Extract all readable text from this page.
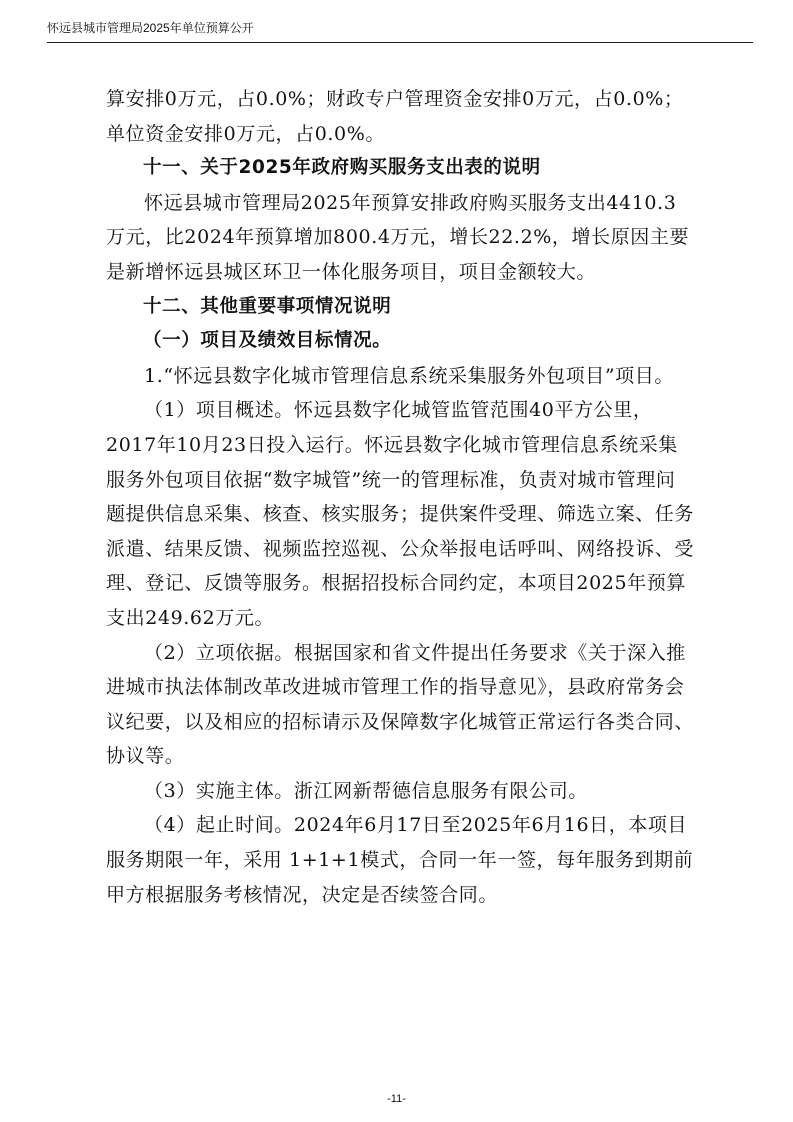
怀远县城市管理局2025年单位预算公开

算安排0万元，占0.0%；财政专户管理资金安排0万元，占0.0%；单位资金安排0万元，占0.0%。

十一、关于2025年政府购买服务支出表的说明

怀远县城市管理局2025年预算安排政府购买服务支出4410.3万元，比2024年预算增加800.4万元，增长22.2%，增长原因主要是新增怀远县城区环卫一体化服务项目，项目金额较大。

十二、其他重要事项情况说明

（一）项目及绩效目标情况。

1.“怀远县数字化城市管理信息系统采集服务外包项目”项目。

（1）项目概述。怀远县数字化城管监管范围40平方公里，2017年10月23日投入运行。怀远县数字化城市管理信息系统采集服务外包项目依据“数字城管”统一的管理标准，负责对城市管理问题提供信息采集、核查、核实服务；提供案件受理、筛选立案、任务派遣、结果反馈、视频监控巡视、公众举报电话呼叫、网络投诉、受理、登记、反馈等服务。根据招投标合同约定，本项目2025年预算支出249.62万元。

（2）立项依据。根据国家和省文件提出任务要求《关于深入推进城市执法体制改革改进城市管理工作的指导意见》，县政府常务会议纪要，以及相应的招标请示及保障数字化城管正常运行各类合同、协议等。

（3）实施主体。浙江网新帮德信息服务有限公司。

（4）起止时间。2024年6月17日至2025年6月16日，本项目服务期限一年，采用 1+1+1模式，合同一年一签，每年服务到期前甲方根据服务考核情况，决定是否续签合同。

-11-
